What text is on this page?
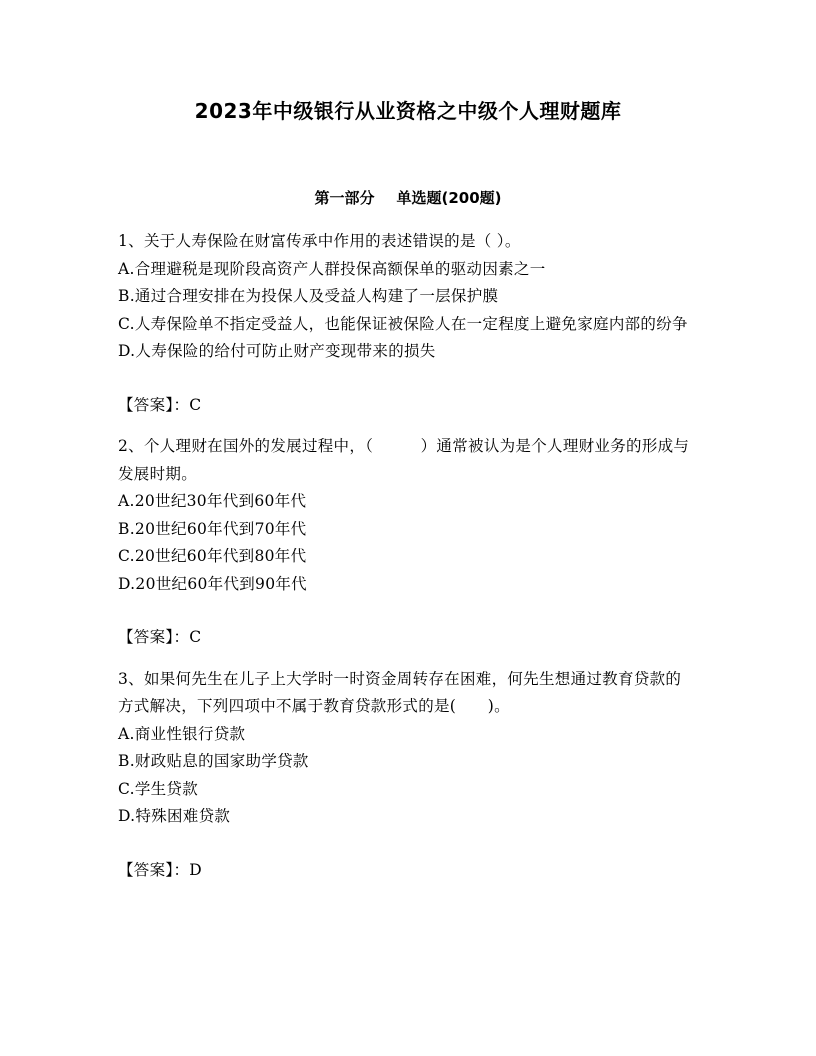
2023年中级银行从业资格之中级个人理财题库
第一部分 单选题(200题)

1、关于人寿保险在财富传承中作用的表述错误的是（ ）。

A.合理避税是现阶段高资产人群投保高额保单的驱动因素之一

B.通过合理安排在为投保人及受益人构建了一层保护膜

C.人寿保险单不指定受益人，也能保证被保险人在一定程度上避免家庭内部的纷争

D.人寿保险的给付可防止财产变现带来的损失

【答案】：C

2、个人理财在国外的发展过程中，（　　　）通常被认为是个人理财业务的形成与发展时期。

A.20世纪30年代到60年代

B.20世纪60年代到70年代

C.20世纪60年代到80年代

D.20世纪60年代到90年代

【答案】：C

3、如果何先生在儿子上大学时一时资金周转存在困难，何先生想通过教育贷款的方式解决，下列四项中不属于教育贷款形式的是(　　)。

A.商业性银行贷款

B.财政贴息的国家助学贷款

C.学生贷款

D.特殊困难贷款

【答案】：D
